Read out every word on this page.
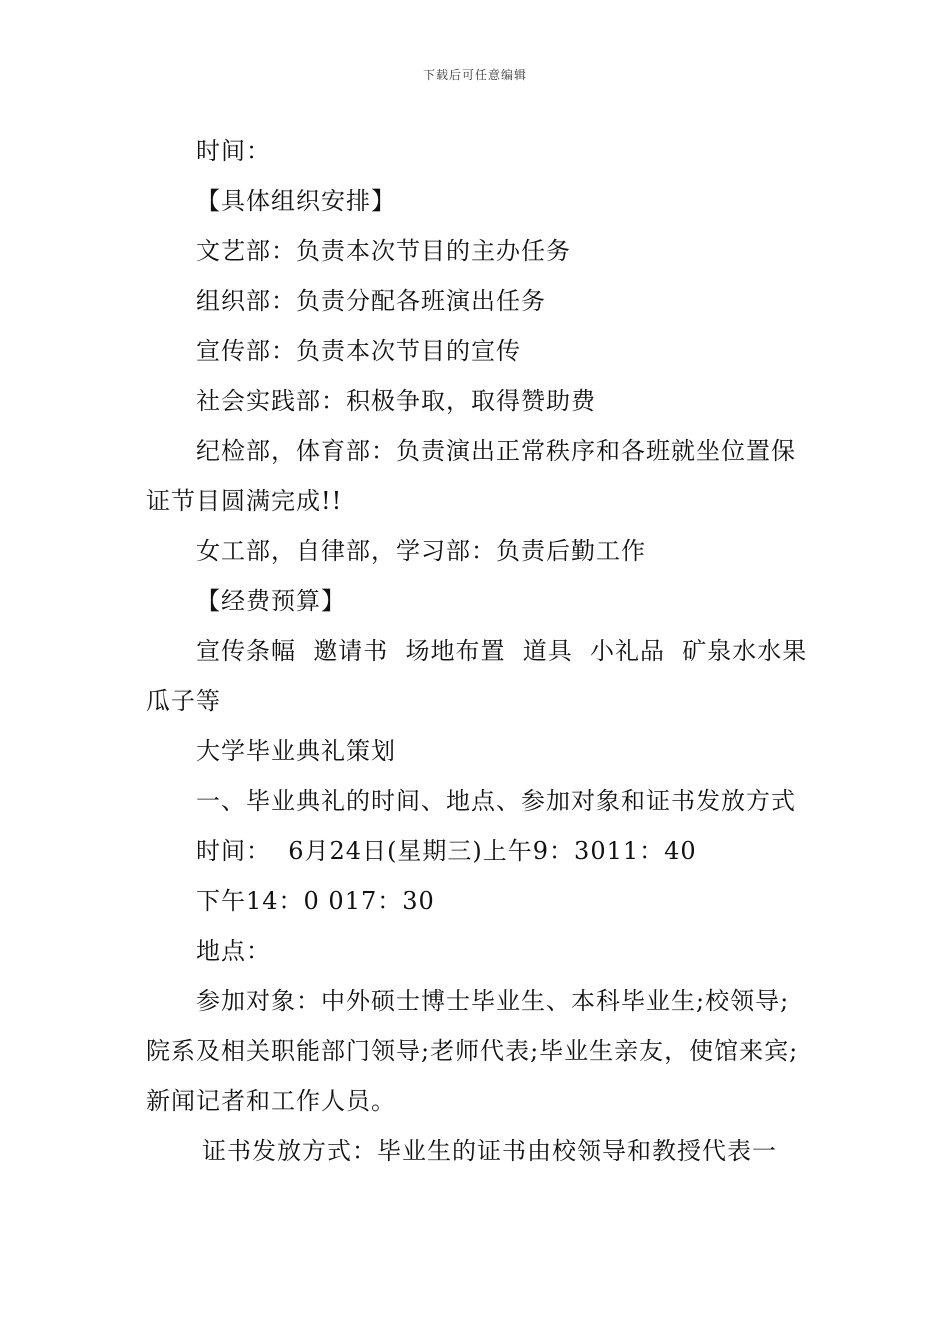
下载后可任意编辑

时间：

【具体组织安排】

文艺部：负责本次节目的主办任务

组织部：负责分配各班演出任务

宣传部：负责本次节目的宣传

社会实践部：积极争取，取得赞助费

纪检部，体育部：负责演出正常秩序和各班就坐位置保证节目圆满完成!!

女工部，自律部，学习部：负责后勤工作

【经费预算】

宣传条幅  邀请书  场地布置  道具  小礼品  矿泉水水果瓜子等

大学毕业典礼策划

一、毕业典礼的时间、地点、参加对象和证书发放方式

时间：  6月24日(星期三)上午9：3011：40

下午14：0 017：30

地点：

参加对象：中外硕士博士毕业生、本科毕业生;校领导;院系及相关职能部门领导;老师代表;毕业生亲友，使馆来宾;新闻记者和工作人员。

证书发放方式：毕业生的证书由校领导和教授代表一
